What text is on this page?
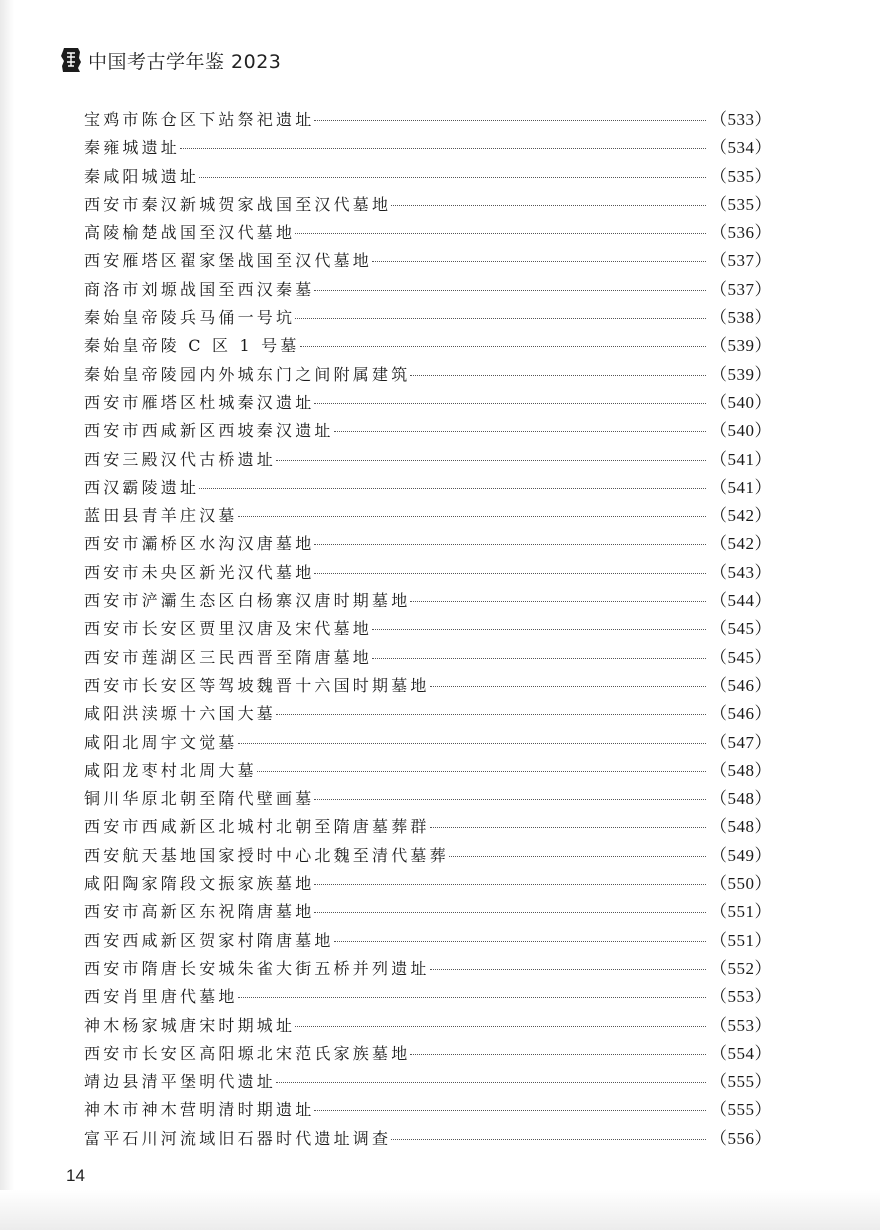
中国考古学年鉴 2023
宝鸡市陈仓区下站祭祀遗址	（533）
秦雍城遗址	（534）
秦咸阳城遗址	（535）
西安市秦汉新城贺家战国至汉代墓地	（535）
高陵榆楚战国至汉代墓地	（536）
西安雁塔区翟家堡战国至汉代墓地	（537）
商洛市刘塬战国至西汉秦墓	（537）
秦始皇帝陵兵马俑一号坑	（538）
秦始皇帝陵 C 区 1 号墓	（539）
秦始皇帝陵园内外城东门之间附属建筑	（539）
西安市雁塔区杜城秦汉遗址	（540）
西安市西咸新区西坡秦汉遗址	（540）
西安三殿汉代古桥遗址	（541）
西汉霸陵遗址	（541）
蓝田县青羊庄汉墓	（542）
西安市灞桥区水沟汉唐墓地	（542）
西安市未央区新光汉代墓地	（543）
西安市浐灞生态区白杨寨汉唐时期墓地	（544）
西安市长安区贾里汉唐及宋代墓地	（545）
西安市莲湖区三民西晋至隋唐墓地	（545）
西安市长安区等驾坡魏晋十六国时期墓地	（546）
咸阳洪渎塬十六国大墓	（546）
咸阳北周宇文觉墓	（547）
咸阳龙枣村北周大墓	（548）
铜川华原北朝至隋代壁画墓	（548）
西安市西咸新区北城村北朝至隋唐墓葬群	（548）
西安航天基地国家授时中心北魏至清代墓葬	（549）
咸阳陶家隋段文振家族墓地	（550）
西安市高新区东祝隋唐墓地	（551）
西安西咸新区贺家村隋唐墓地	（551）
西安市隋唐长安城朱雀大街五桥并列遗址	（552）
西安肖里唐代墓地	（553）
神木杨家城唐宋时期城址	（553）
西安市长安区高阳塬北宋范氏家族墓地	（554）
靖边县清平堡明代遗址	（555）
神木市神木营明清时期遗址	（555）
富平石川河流域旧石器时代遗址调查	（556）
14
